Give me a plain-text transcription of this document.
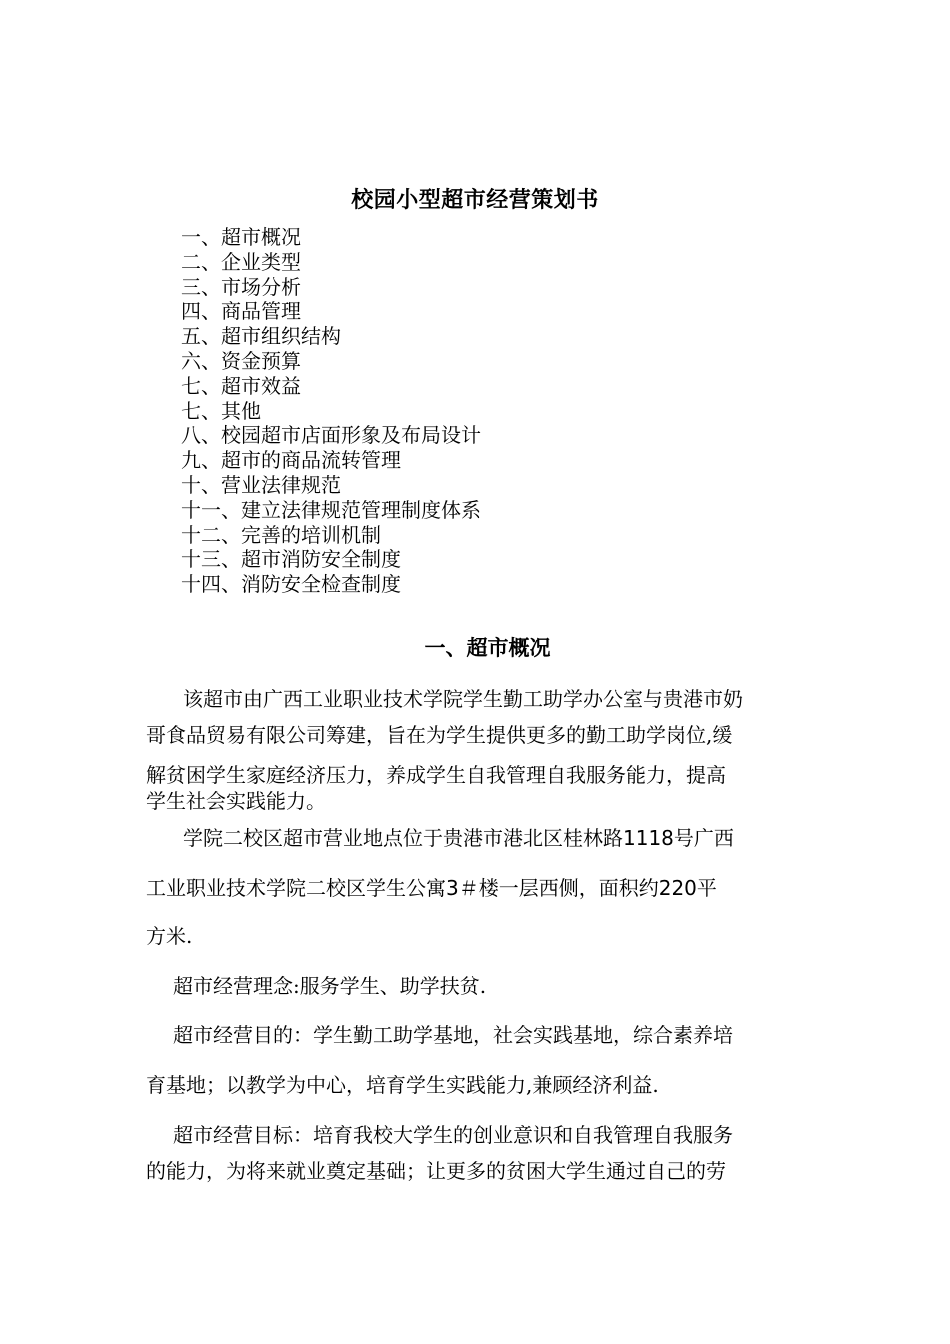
校园小型超市经营策划书
一、超市概况
二、企业类型
三、市场分析
四、商品管理
五、超市组织结构
六、资金预算
七、超市效益
七、其他
八、校园超市店面形象及布局设计
九、超市的商品流转管理
十、营业法律规范
十一、建立法律规范管理制度体系
十二、完善的培训机制
十三、超市消防安全制度
十四、消防安全检查制度
一、超市概况

该超市由广西工业职业技术学院学生勤工助学办公室与贵港市奶

哥食品贸易有限公司筹建，旨在为学生提供更多的勤工助学岗位,缓

解贫困学生家庭经济压力，养成学生自我管理自我服务能力，提高

学生社会实践能力。

学院二校区超市营业地点位于贵港市港北区桂林路1118号广西

工业职业技术学院二校区学生公寓3＃楼一层西侧，面积约220平

方米.

超市经营理念:服务学生、助学扶贫.

超市经营目的：学生勤工助学基地，社会实践基地，综合素养培

育基地；以教学为中心，培育学生实践能力,兼顾经济利益.

超市经营目标：培育我校大学生的创业意识和自我管理自我服务

的能力，为将来就业奠定基础；让更多的贫困大学生通过自己的劳
